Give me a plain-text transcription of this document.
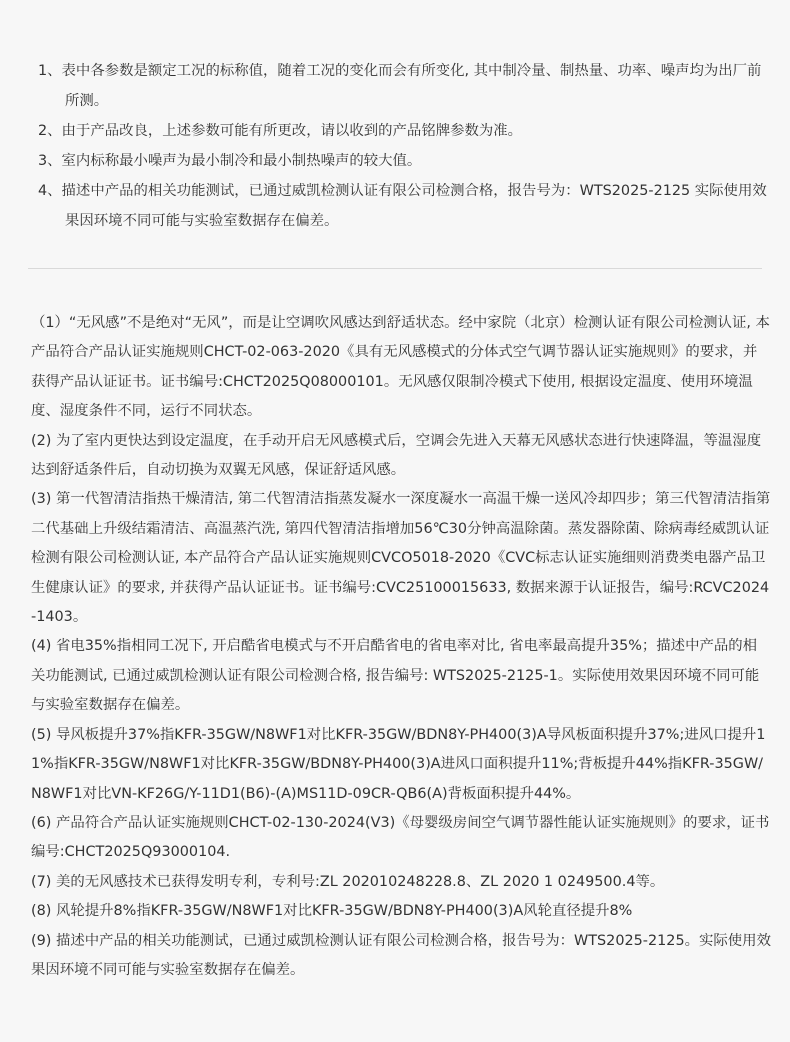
1、表中各参数是额定工况的标称值，随着工况的变化而会有所变化, 其中制冷量、制热量、功率、噪声均为出厂前所测。

2、由于产品改良，上述参数可能有所更改，请以收到的产品铭牌参数为准。

3、室内标称最小噪声为最小制冷和最小制热噪声的较大值。

4、描述中产品的相关功能测试，已通过威凯检测认证有限公司检测合格，报告号为：WTS2025-2125 实际使用效果因环境不同可能与实验室数据存在偏差。

（1）“无风感”不是绝对“无风”，而是让空调吹风感达到舒适状态。经中家院（北京）检测认证有限公司检测认证, 本产品符合产品认证实施规则CHCT-02-063-2020《具有无风感模式的分体式空气调节器认证实施规则》的要求，并获得产品认证证书。证书编号:CHCT2025Q08000101。无风感仅限制冷模式下使用, 根据设定温度、使用环境温度、湿度条件不同，运行不同状态。

(2) 为了室内更快达到设定温度，在手动开启无风感模式后，空调会先进入天幕无风感状态进行快速降温，等温湿度达到舒适条件后，自动切换为双翼无风感，保证舒适风感。

(3) 第一代智清洁指热干燥清洁, 第二代智清洁指蒸发凝水一深度凝水一高温干燥一送风冷却四步；第三代智清洁指第二代基础上升级结霜清洁、高温蒸汽洗, 第四代智清洁指增加56℃30分钟高温除菌。蒸发器除菌、除病毒经威凯认证检测有限公司检测认证, 本产品符合产品认证实施规则CVCO5018-2020《CVC标志认证实施细则消费类电器产品卫生健康认证》的要求, 并获得产品认证证书。证书编号:CVC25100015633, 数据来源于认证报告，编号:RCVC2024-1403。

(4) 省电35%指相同工况下, 开启酷省电模式与不开启酷省电的省电率对比, 省电率最高提升35%；描述中产品的相关功能测试, 已通过威凯检测认证有限公司检测合格, 报告编号: WTS2025-2125-1。实际使用效果因环境不同可能与实验室数据存在偏差。

(5) 导风板提升37%指KFR-35GW/N8WF1对比KFR-35GW/BDN8Y-PH400(3)A导风板面积提升37%;进风口提升11%指KFR-35GW/N8WF1对比KFR-35GW/BDN8Y-PH400(3)A进风口面积提升11%;背板提升44%指KFR-35GW/N8WF1对比VN-KF26G/Y-11D1(B6)-(A)MS11D-09CR-QB6(A)背板面积提升44%。

(6) 产品符合产品认证实施规则CHCT-02-130-2024(V3)《母婴级房间空气调节器性能认证实施规则》的要求，证书编号:CHCT2025Q93000104.

(7) 美的无风感技术已获得发明专利，专利号:ZL 202010248228.8、ZL 2020 1 0249500.4等。

(8) 风轮提升8%指KFR-35GW/N8WF1对比KFR-35GW/BDN8Y-PH400(3)A风轮直径提升8%

(9) 描述中产品的相关功能测试，已通过威凯检测认证有限公司检测合格，报告号为：WTS2025-2125。实际使用效果因环境不同可能与实验室数据存在偏差。
